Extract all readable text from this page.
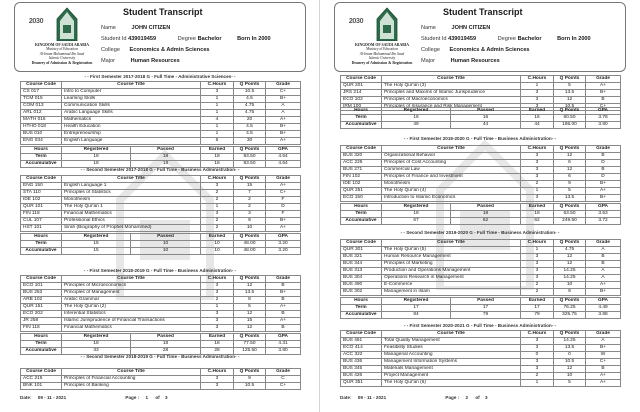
2030
KINGDOM OF SAUDI ARABIA
Ministry of Education
Al-Imam Muhammad Ibn Saud
Islamic University
Deanery of Admission & Registration
Student Transcript
Name	JOHN CITIZEN
Student Id 439019459	Degree Bachelor	Born In 2000
College Economics & Admin Sciences
Major	Human Resources
- - First Semester 2017-2018 G - Full Time - Administrative Sciences- -
Course Code	Course Title	C.Hours	Q Points	Grade
CS 017	Intro to Computer	3	10.5	C+
TCM 015	Learning Skills	1	4.5	B+
COM 013	Communication Skills	1	4.75	A
ARL 012	Arabic Language Skills	1	4.75	A
MATH 016	Mathematics	4	20	A+
HTHO 018	Health Education	1	4.5	B+
BUS 010	Entrepreneurship	1	4.5	B+
ENG 034	English Language	6	30	A+
Hours	Registered	Passed	Earned	Q Points	GPA
Term	18	18	18	83.50	4.64
Accumulative	18	18	18	83.50	4.64
- - Second Semester 2017-2018 G - Full Time - Business Administration- -
Course Code	Course Title	C.Hours	Q Points	Grade
ENG 150	English Language 1	3	15	A+
STA 110	Principles of Statistics	2	7	C+
IDE 102	Monotheism	2	2	F
QUR 101	The Holy Qur'an 1	1	2	D
FIN 118	Financial Mathematics	3	3	F
CUL 107	Professional Ethics	2	9	B+
HST 101	Sirah (Biography of Prophet Mohammed)	2	10	A+
Hours	Registered	Passed	Earned	Q Points	GPA
Term	15	10	10	48.00	3.20
Accumulative	15	10	10	48.00	3.20
- - First Semester 2018-2019 G - Full Time - Business Administration- -
Course Code	Course Title	C.Hours	Q Points	Grade
ECO 101	Principles of Microeconomics	3	12	B
BUS 253	Principles of Management	3	13.5	B+
ARB 102	Arabic Grammar	2	8	B
QUR 151	The Holy Qur'an (2)	1	5	A+
ECO 202	Inferential Statistics	3	12	B
JR 258	Islamic Jurisprudence of Financial Transactions	3	15	A+
FIN 118	Financial Mathematics	3	12	B
Hours	Registered	Passed	Earned	Q Points	GPA
Term	18	18	18	77.50	4.31
Accumulative	33	28	28	125.50	3.80
- - Second Semester 2018-2019 G - Full Time - Business Administration- -
Course Code	Course Title	C.Hours	Q Points	Grade
ACC 215	Principles of Financial Accounting	3	9	C
BNK 101	Principles of Banking	3	10.5	C+
Date: 09 - 11 - 2021	Page : 1 of 3
2030
KINGDOM OF SAUDI ARABIA
Ministry of Education
Al-Imam Muhammad Ibn Saud
Islamic University
Deanery of Admission & Registration
Student Transcript
Name	JOHN CITIZEN
Student Id 439019459	Degree Bachelor	Born In 2000
College Economics & Admin Sciences
Major	Human Resources
Course Code	Course Title	C.Hours	Q Points	Grade
QUR 201	The Holy Qur'an (3)	1	5	A+
JRS 214	Principles and Maxims of Islamic Jurisprudence	3	13.5	B+
ECO 102	Principles of Macroeconomics	3	12	B
IRM 100	Principles of Insurance and Risk Management	3	10.5	C+
Hours	Registered	Passed	Earned	Q Points	GPA
Term	16	16	16	60.50	3.78
Accumulative	49	44	44	186.00	3.80
- - First Semester 2019-2020 G - Full Time - Business Administration- -
Course Code	Course Title	C.Hours	Q Points	Grade
BUS 320	Organizational Behavior	3	12	B
ACC 225	Principles of Cost Accounting	3	6	D
BUS 271	Commercial Law	3	12	B
FIN 102	Principles of Finance and Investment	3	6	D
IDE 102	Monotheism	2	9	B+
QUR 251	The Holy Qur'an (4)	1	5	A+
ECO 150	Introduction to Islamic Economics	3	13.5	B+
Hours	Registered	Passed	Earned	Q Points	GPA
Term	18	18	18	63.50	3.53
Accumulative	67	62	62	249.50	3.72
- - Second Semester 2019-2020 G - Full Time - Business Administration- -
Course Code	Course Title	C.Hours	Q Points	Grade
QUR 301	The Holy Qur'an (5)	1	4.75	A
BUS 321	Human Resource Management	3	12	B
BUS 344	Principles of Marketing	3	12	B
BUS 313	Production and Operations Management	3	14.25	A
BUS 304	Operations Research in Management	3	14.25	A
BUS 490	E-Commerce	2	10	A+
BUS 302	Management in Islam	2	9	B+
Hours	Registered	Passed	Earned	Q Points	GPA
Term	17	17	17	76.25	4.49
Accumulative	84	79	79	325.75	3.88
- - First Semester 2020-2021 G - Full Time - Business Administration- -
Course Code	Course Title	C.Hours	Q Points	Grade
BUS 461	Total Quality Management	3	14.25	A
ECO 414	Feasibility Studies	3	13.5	B+
ACC 322	Managerial Accounting	0	0	W
BUS 436	Management Information Systems	3	10.5	C+
BUS 345	Materials Management	3	12	B
BUS 426	Project Management	2	10	A+
QUR 351	The Holy Qur'an (6)	1	5	A+
Date: 09 - 11 - 2021	Page : 2 of 3
